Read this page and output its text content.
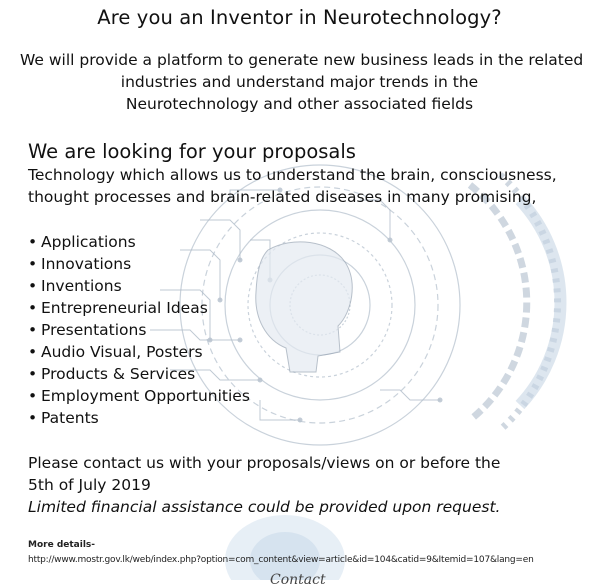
Are you an Inventor in Neurotechnology?
We will provide a platform to generate new business leads in the related
industries and understand major trends in the
Neurotechnology and other associated fields
We are looking for your proposals
Technology which allows us to understand the brain, consciousness,
thought processes and brain-related diseases in many promising,
• Applications
• Innovations
• Inventions
• Entrepreneurial Ideas
• Presentations
• Audio Visual, Posters
• Products & Services
• Employment Opportunities
• Patents
Please contact us with your proposals/views on or before the
5th of July 2019
Limited financial assistance could be provided upon request.
More details-
http://www.mostr.gov.lk/web/index.php?option=com_content&view=article&id=104&catid=9&Itemid=107&lang=en
Contact
